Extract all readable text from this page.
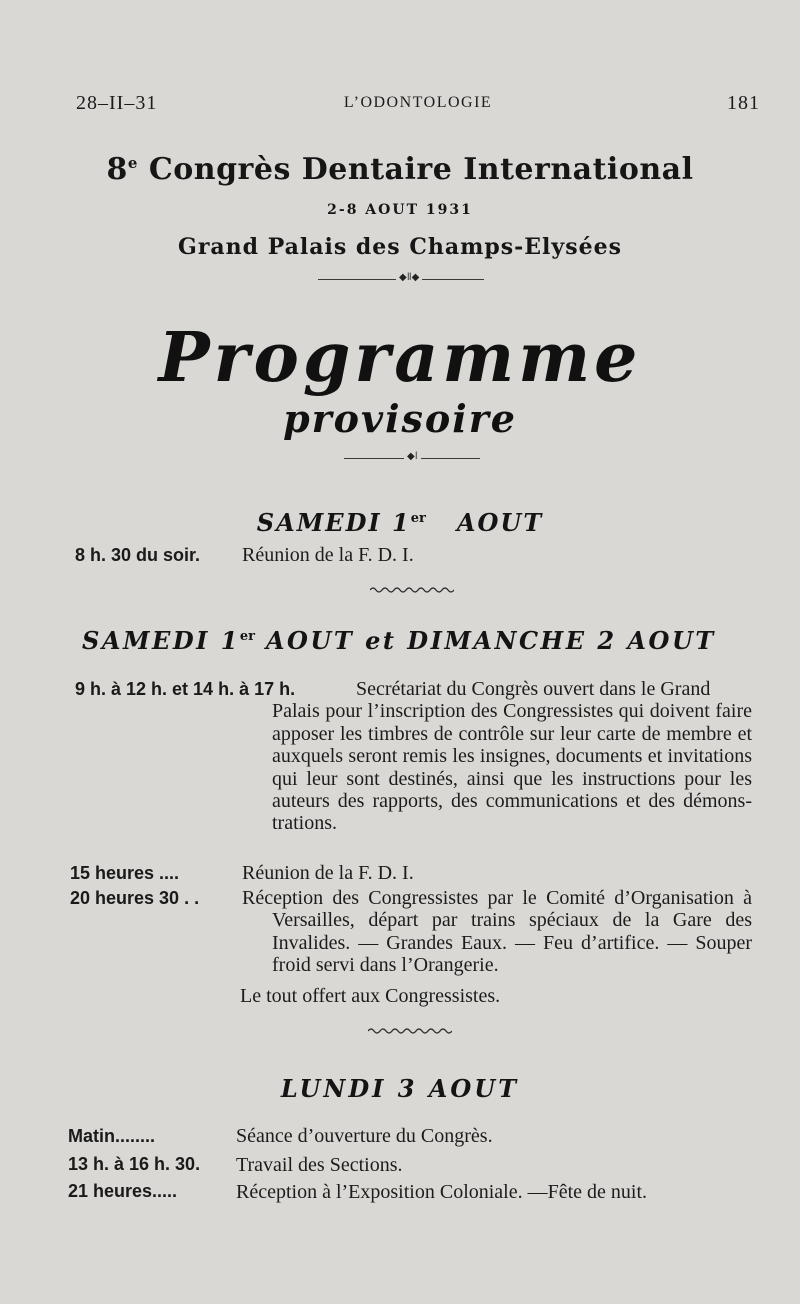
28–II–31	L’ODONTOLOGIE	181
8e Congrès Dentaire International
2-8 AOUT 1931
Grand Palais des Champs-Elysées
◆ǁ◆
Programme
provisoire
◆ǀ
SAMEDI 1er AOUT
8 h. 30 du soir. Réunion de la F. D. I.
SAMEDI 1er AOUT et DIMANCHE 2 AOUT
9 h. à 12 h. et 14 h. à 17 h.	Secrétariat du Congrès ouvert dans le Grand
Palais pour l’inscription des Congressistes qui doivent faire apposer les timbres de contrôle sur leur carte de membre et auxquels seront remis les insignes, documents et invitations qui leur sont destinés, ainsi que les instructions pour les auteurs des rapports, des communications et des démonstrations.
15 heures ....	Réunion de la F. D. I.
20 heures 30 . . Réception des Congressistes par le Comité d’Organisation à Versailles, départ par trains spéciaux de la Gare des Invalides. — Grandes Eaux. — Feu d’artifice. — Souper froid servi dans l’Orangerie.
Le tout offert aux Congressistes.
LUNDI 3 AOUT
Matin........	Séance d’ouverture du Congrès.
13 h. à 16 h. 30. Travail des Sections.
21 heures.....	Réception à l’Exposition Coloniale. —Fête de nuit.
